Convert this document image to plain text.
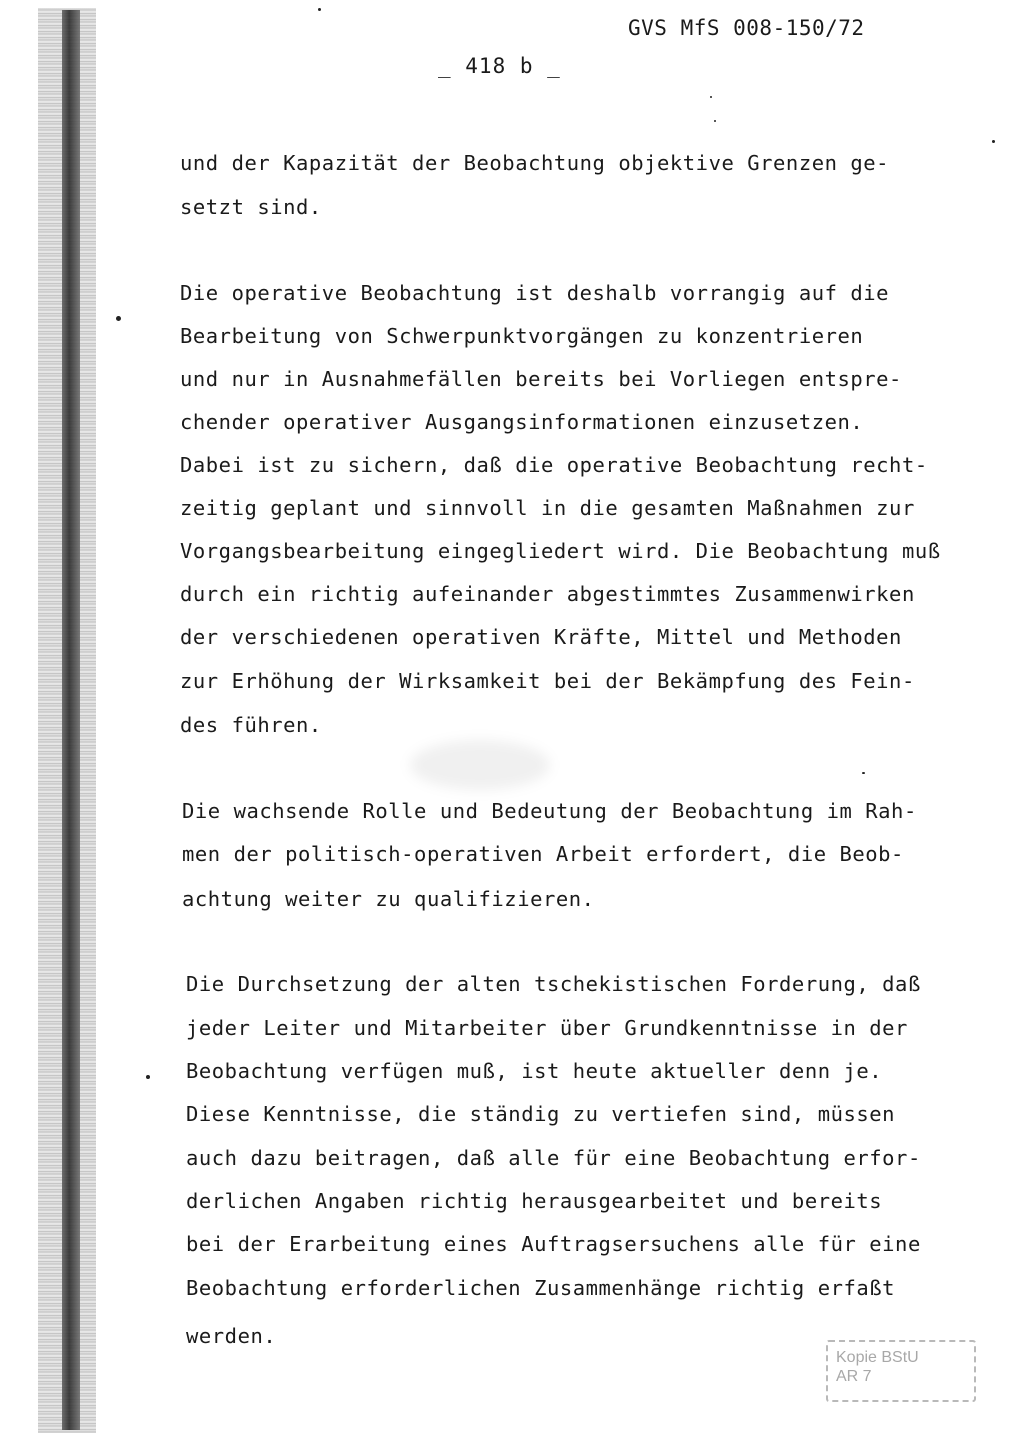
GVS MfS 008-150/72
_ 418 b _
und der Kapazität der Beobachtung objektive Grenzen ge-
setzt sind.
Die operative Beobachtung ist deshalb vorrangig auf die
Bearbeitung von Schwerpunktvorgängen zu konzentrieren
und nur in Ausnahmefällen bereits bei Vorliegen entspre-
chender operativer Ausgangsinformationen einzusetzen.
Dabei ist zu sichern, daß die operative Beobachtung recht-
zeitig geplant und sinnvoll in die gesamten Maßnahmen zur
Vorgangsbearbeitung eingegliedert wird. Die Beobachtung muß
durch ein richtig aufeinander abgestimmtes Zusammenwirken
der verschiedenen operativen Kräfte, Mittel und Methoden
zur Erhöhung der Wirksamkeit bei der Bekämpfung des Fein-
des führen.
Die wachsende Rolle und Bedeutung der Beobachtung im Rah-
men der politisch-operativen Arbeit erfordert, die Beob-
achtung weiter zu qualifizieren.
Die Durchsetzung der alten tschekistischen Forderung, daß
jeder Leiter und Mitarbeiter über Grundkenntnisse in der
Beobachtung verfügen muß, ist heute aktueller denn je.
Diese Kenntnisse, die ständig zu vertiefen sind, müssen
auch dazu beitragen, daß alle für eine Beobachtung erfor-
derlichen Angaben richtig herausgearbeitet und bereits
bei der Erarbeitung eines Auftragsersuchens alle für eine
Beobachtung erforderlichen Zusammenhänge richtig erfaßt
werden.
Kopie BStU
AR 7
